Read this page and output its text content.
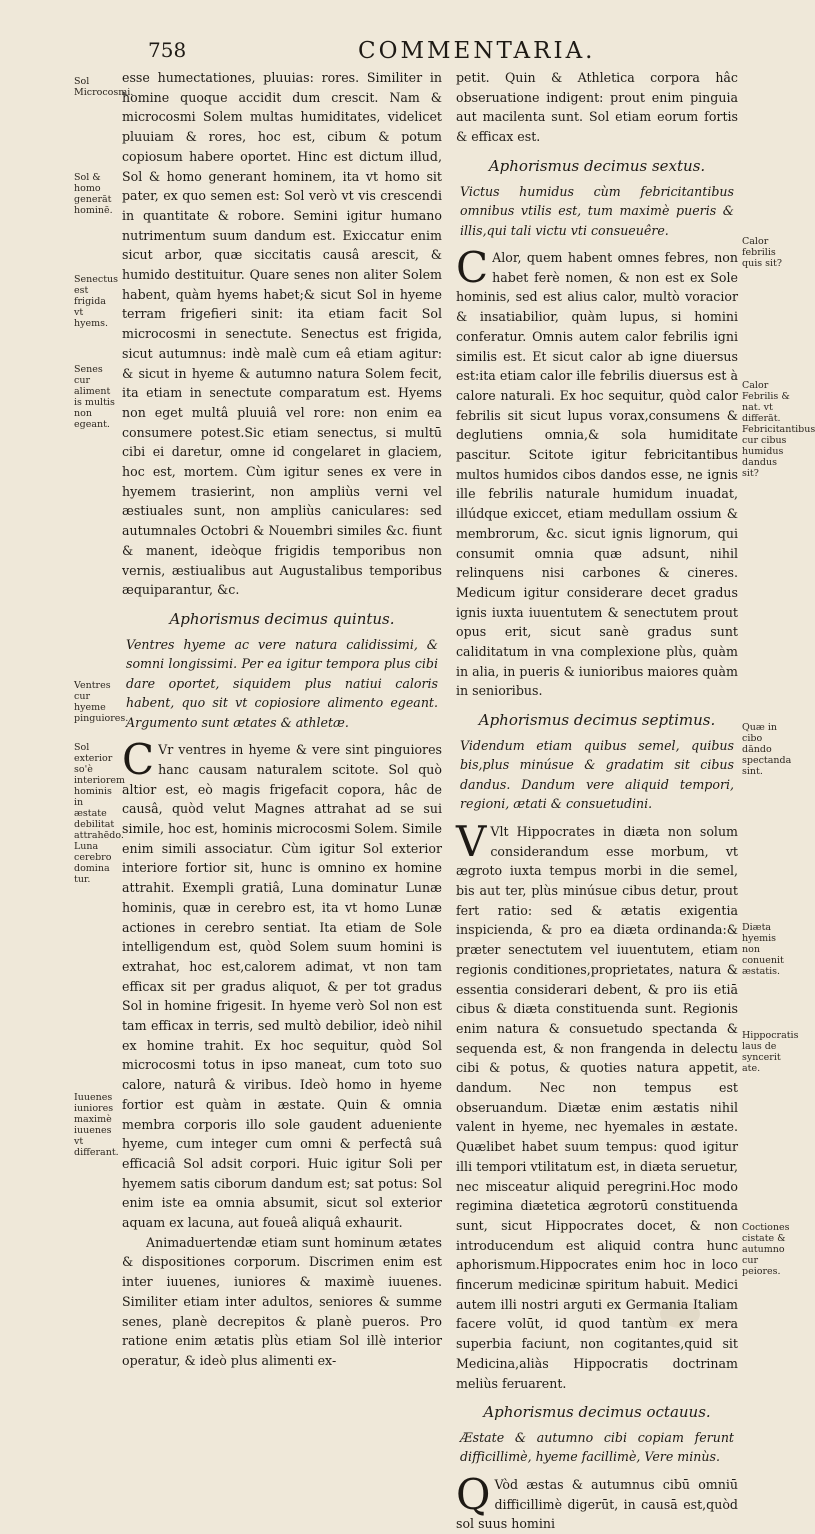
758	COMMENTARIA.
Sol Microcosmi.
Sol & homo generāt hominē.
Senectus est frigida vt hyems.
Senes cur aliment is multis non egeant.
Ventres cur hyeme pinguiores.
Sol exterior so'è interiorem hominis in æstate debilitat attrahēdo. Luna cerebro domina tur.
Iuuenes iuniores maximè iuuenes vt differant.
Calor febrilis quis sit?
Calor Febrilis & nat. vt differāt. Febricitantibus cur cibus humidus dandus sit?
Quæ in cibo dāndo spectanda sint.
Diæta hyemis non conuenit æstatis.
Hippocratis laus de syncerit ate.
Coctiones cistate & autumno cur peiores.

esse humectationes, pluuias: rores. Similiter in homine quoque accidit dum crescit. Nam & microcosmi Solem multas humiditates, videlicet pluuiam & rores, hoc est, cibum & potum copiosum habere oportet. Hinc est dictum illud, Sol & homo generant hominem, ita vt homo sit pater, ex quo semen est: Sol verò vt vis crescendi in quantitate & robore. Semini igitur humano nutrimentum suum dandum est. Exiccatur enim sicut arbor, quæ siccitatis causâ arescit, & humido destituitur. Quare senes non aliter Solem habent, quàm hyems habet;& sicut Sol in hyeme terram frigefieri sinit: ita etiam facit Sol microcosmi in senectute. Senectus est frigida, sicut autumnus: indè malè cum eâ etiam agitur: & sicut in hyeme & autumno natura Solem fecit, ita etiam in senectute comparatum est. Hyems non eget multâ pluuiâ vel rore: non enim ea consumere potest.Sic etiam senectus, si multū cibi ei daretur, omne id congelaret in glaciem, hoc est, mortem. Cùm igitur senes ex vere in hyemem trasierint, non ampliùs verni vel æstiuales sunt, non ampliùs caniculares: sed autumnales Octobri & Nouembri similes &c. fiunt & manent, ideòque frigidis temporibus non vernis, æstiualibus aut Augustalibus temporibus æquiparantur, &c.

Aphorismus decimus quintus.

Ventres hyeme ac vere natura calidissimi, & somni longissimi. Per ea igitur tempora plus cibi dare oportet, siquidem plus natiui caloris habent, quo sit vt copiosiore alimento egeant. Argumento sunt ætates & athletæ.

C Vr ventres in hyeme & vere sint pinguiores hanc causam naturalem scitote. Sol quò altior est, eò magis frigefacit copora, hâc de causâ, quòd velut Magnes attrahat ad se sui simile, hoc est, hominis microcosmi Solem. Simile enim simili associatur. Cùm igitur Sol exterior interiore fortior sit, hunc is omnino ex homine attrahit. Exempli gratiâ, Luna dominatur Lunæ hominis, quæ in cerebro est, ita vt homo Lunæ actiones in cerebro sentiat. Ita etiam de Sole intelligendum est, quòd Solem suum homini is extrahat, hoc est,calorem adimat, vt non tam efficax sit per gradus aliquot, & per tot gradus Sol in homine frigesit. In hyeme verò Sol non est tam efficax in terris, sed multò debilior, ideò nihil ex homine trahit. Ex hoc sequitur, quòd Sol microcosmi totus in ipso maneat, cum toto suo calore, naturâ & viribus. Ideò homo in hyeme fortior est quàm in æstate. Quin & omnia membra corporis illo sole gaudent adueniente hyeme, cum integer cum omni & perfectâ suâ efficaciâ Sol adsit corpori. Huic igitur Soli per hyemem satis ciborum dandum est; sat potus: Sol enim iste ea omnia absumit, sicut sol exterior aquam ex lacuna, aut foueâ aliquâ exhaurit.

Animaduertendæ etiam sunt hominum ætates & dispositiones corporum. Discrimen enim est inter iuuenes, iuniores & maximè iuuenes. Similiter etiam inter adultos, seniores & summe senes, planè decrepitos & planè pueros. Pro ratione enim ætatis plùs etiam Sol illè interior operatur, & ideò plus alimenti ex-

petit. Quin & Athletica corpora hâc obseruatione indigent: prout enim pinguia aut macilenta sunt. Sol etiam eorum fortis & efficax est.

Aphorismus decimus sextus.

Victus humidus cùm febricitantibus omnibus vtilis est, tum maximè pueris & illis,qui tali victu vti consueuêre.

C Alor, quem habent omnes febres, non habet ferè nomen, & non est ex Sole hominis, sed est alius calor, multò voracior & insatiabilior, quàm lupus, si homini conferatur. Omnis autem calor febrilis igni similis est. Et sicut calor ab igne diuersus est:ita etiam calor ille febrilis diuersus est à calore naturali. Ex hoc sequitur, quòd calor febrilis sit sicut lupus vorax,consumens & deglutiens omnia,& sola humiditate pascitur. Scitote igitur febricitantibus multos humidos cibos dandos esse, ne ignis ille febrilis naturale humidum inuadat, illúdque exiccet, etiam medullam ossium & membrorum, &c. sicut ignis lignorum, qui consumit omnia quæ adsunt, nihil relinquens nisi carbones & cineres. Medicum igitur considerare decet gradus ignis iuxta iuuentutem & senectutem prout opus erit, sicut sanè gradus sunt caliditatum in vna complexione plùs, quàm in alia, in pueris & iunioribus maiores quàm in senioribus.

Aphorismus decimus septimus.

Videndum etiam quibus semel, quibus bis,plus minúsue & gradatim sit cibus dandus. Dandum vere aliquid tempori, regioni, ætati & consuetudini.

V Vlt Hippocrates in diæta non solum considerandum esse morbum, vt ægroto iuxta tempus morbi in die semel, bis aut ter, plùs minúsue cibus detur, prout fert ratio: sed & ætatis exigentia inspicienda, & pro ea diæta ordinanda:& præter senectutem vel iuuentutem, etiam regionis conditiones,proprietates, natura & essentia considerari debent, & pro iis etiā cibus & diæta constituenda sunt. Regionis enim natura & consuetudo spectanda & sequenda est, & non frangenda in delectu cibi & potus, & quoties natura appetit, dandum. Nec non tempus est obseruandum. Diætæ enim æstatis nihil valent in hyeme, nec hyemales in æstate. Quælibet habet suum tempus: quod igitur illi tempori vtilitatum est, in diæta seruetur, nec misceatur aliquid peregrini.Hoc modo regimina diætetica ægrotorū constituenda sunt, sicut Hippocrates docet, & non introducendum est aliquid contra hunc aphorismum.Hippocrates enim hoc in loco fincerum medicinæ spiritum habuit. Medici autem illi nostri arguti ex Germania Italiam facere volūt, id quod tantùm ex mera superbia faciunt, non cogitantes,quid sit Medicina,aliàs Hippocratis doctrinam meliùs feruarent.

Aphorismus decimus octauus.

Æstate & autumno cibi copiam ferunt difficillimè, hyeme facillimè, Vere minùs.

Q Vòd æstas & autumnus cibū omniū difficillimè digerūt, in causā est,quòd sol suus homini
